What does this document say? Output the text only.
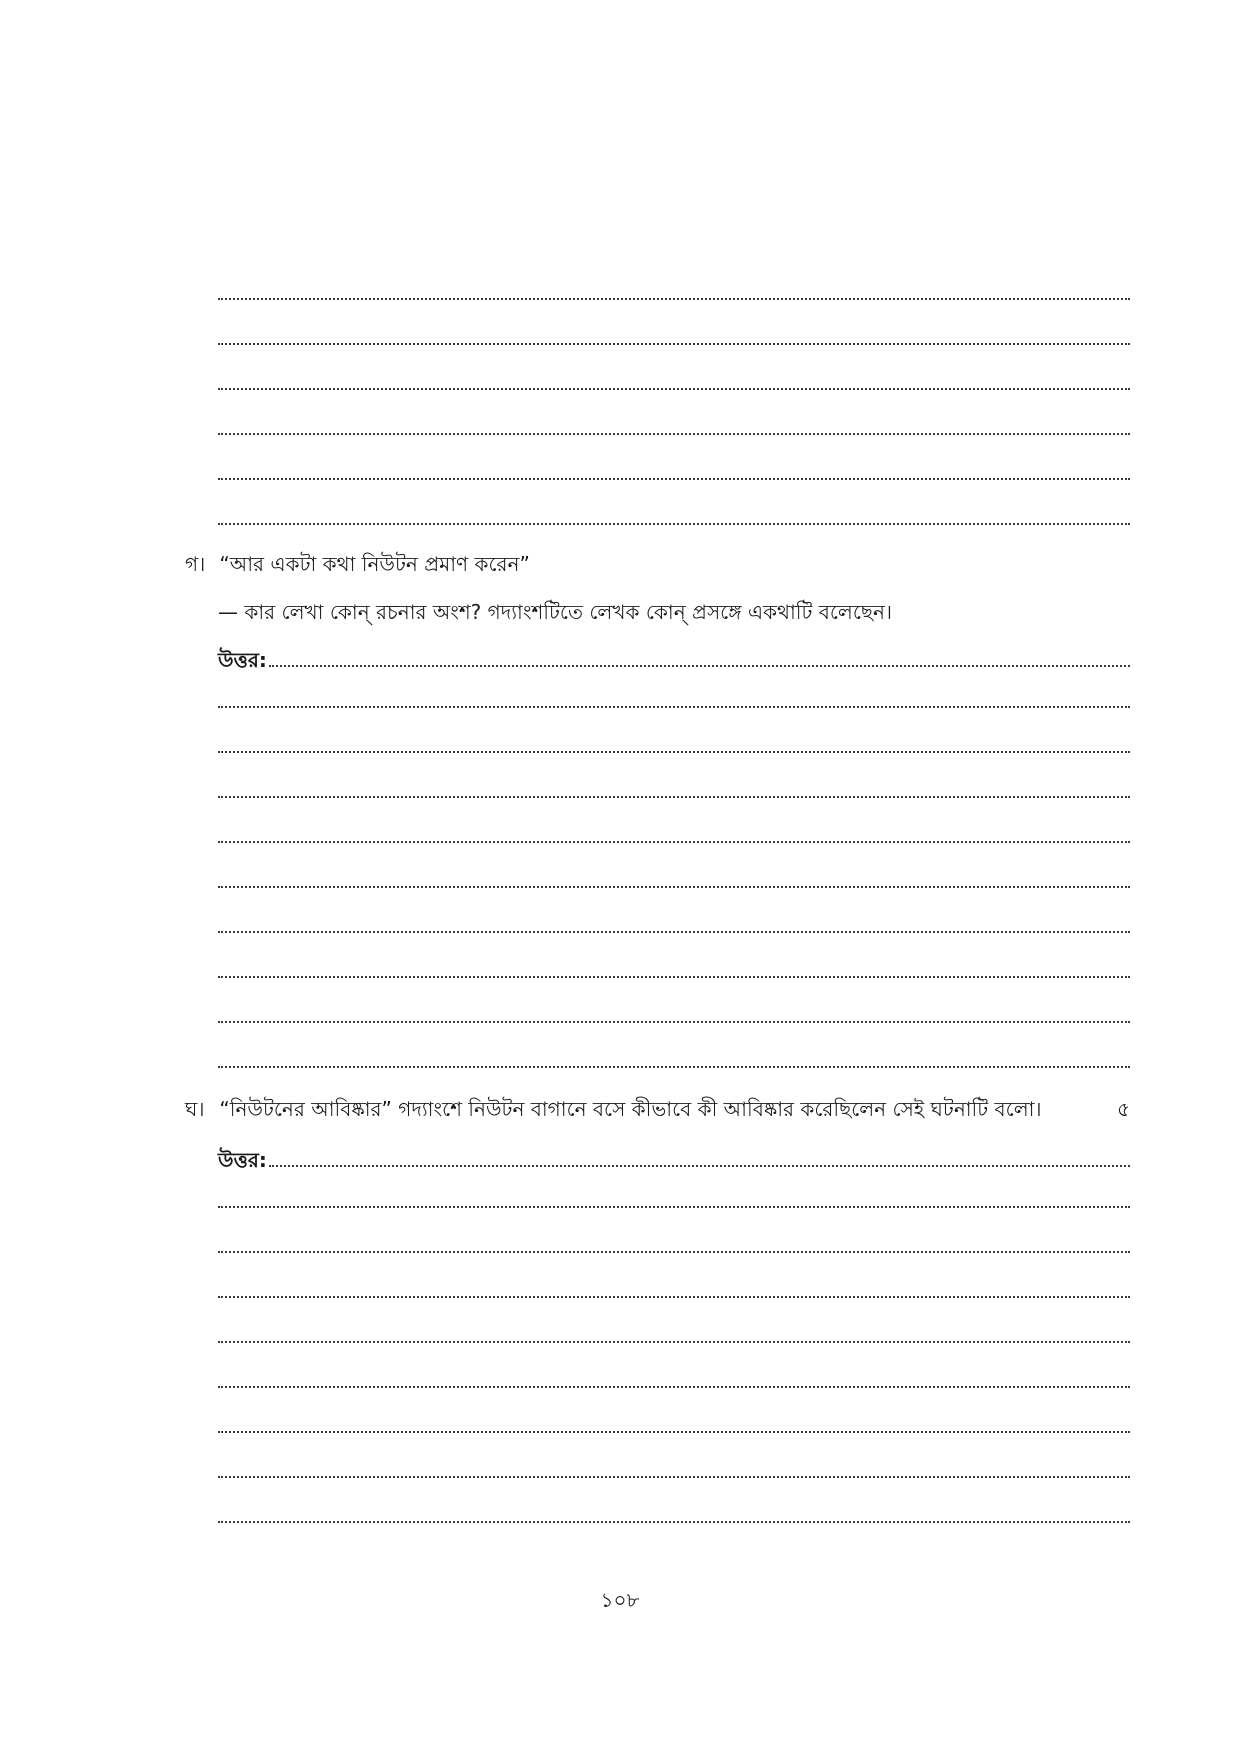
গ। “আর একটা কথা নিউটন প্রমাণ করেন”
— কার লেখা কোন্ রচনার অংশ? গদ্যাংশটিতে লেখক কোন্ প্রসঙ্গে একথাটি বলেছেন।
উত্তর:
ঘ। “নিউটনের আবিষ্কার” গদ্যাংশে নিউটন বাগানে বসে কীভাবে কী আবিষ্কার করেছিলেন সেই ঘটনাটি বলো।	৫
উত্তর:
১০৮
